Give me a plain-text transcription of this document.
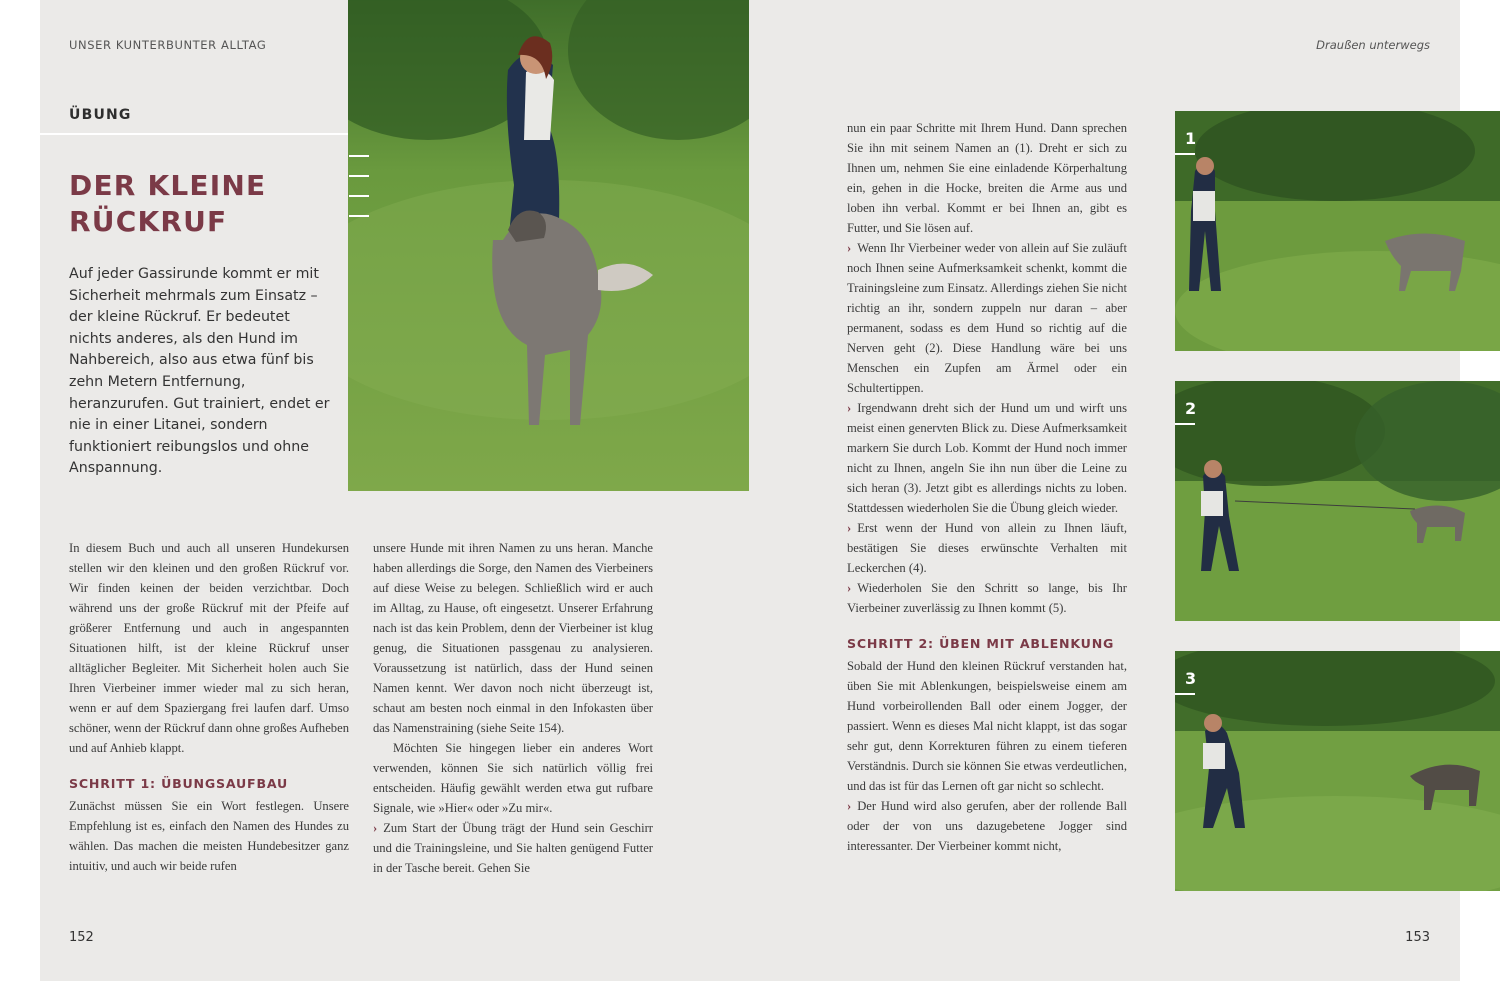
UNSER KUNTERBUNTER ALLTAG	Draußen unterwegs
ÜBUNG
DER KLEINE
RÜCKRUF

Auf jeder Gassirunde kommt er mit Sicherheit mehrmals zum Einsatz – der kleine Rückruf. Er bedeutet nichts anderes, als den Hund im Nahbereich, also aus etwa fünf bis zehn Metern Entfernung, heranzurufen. Gut trainiert, endet er nie in einer Litanei, sondern funktioniert reibungslos und ohne Anspannung.

1
2
3

In diesem Buch und auch all unseren Hundekursen stellen wir den kleinen und den großen Rückruf vor. Wir finden keinen der beiden verzichtbar. Doch während uns der große Rückruf mit der Pfeife auf größerer Entfernung und auch in angespannten Situationen hilft, ist der kleine Rückruf unser alltäglicher Begleiter. Mit Sicherheit holen auch Sie Ihren Vierbeiner immer wieder mal zu sich heran, wenn er auf dem Spaziergang frei laufen darf. Umso schöner, wenn der Rückruf dann ohne großes Aufheben und auf Anhieb klappt.

SCHRITT 1: ÜBUNGSAUFBAU

Zunächst müssen Sie ein Wort festlegen. Unsere Empfehlung ist es, einfach den Namen des Hundes zu wählen. Das machen die meisten Hundebesitzer ganz intuitiv, und auch wir beide rufen

unsere Hunde mit ihren Namen zu uns heran. Manche haben allerdings die Sorge, den Namen des Vierbeiners auf diese Weise zu belegen. Schließlich wird er auch im Alltag, zu Hause, oft eingesetzt. Unserer Erfahrung nach ist das kein Problem, denn der Vierbeiner ist klug genug, die Situationen passgenau zu analysieren. Voraussetzung ist natürlich, dass der Hund seinen Namen kennt. Wer davon noch nicht überzeugt ist, schaut am besten noch einmal in den Infokasten über das Namenstraining (siehe Seite 154).

Möchten Sie hingegen lieber ein anderes Wort verwenden, können Sie sich natürlich völlig frei entscheiden. Häufig gewählt werden etwa gut rufbare Signale, wie »Hier« oder »Zu mir«.

› Zum Start der Übung trägt der Hund sein Geschirr und die Trainingsleine, und Sie halten genügend Futter in der Tasche bereit. Gehen Sie

nun ein paar Schritte mit Ihrem Hund. Dann sprechen Sie ihn mit seinem Namen an (1). Dreht er sich zu Ihnen um, nehmen Sie eine einladende Körperhaltung ein, gehen in die Hocke, breiten die Arme aus und loben ihn verbal. Kommt er bei Ihnen an, gibt es Futter, und Sie lösen auf.

› Wenn Ihr Vierbeiner weder von allein auf Sie zuläuft noch Ihnen seine Aufmerksamkeit schenkt, kommt die Trainingsleine zum Einsatz. Allerdings ziehen Sie nicht richtig an ihr, sondern zuppeln nur daran – aber permanent, sodass es dem Hund so richtig auf die Nerven geht (2). Diese Handlung wäre bei uns Menschen ein Zupfen am Ärmel oder ein Schultertippen.

› Irgendwann dreht sich der Hund um und wirft uns meist einen genervten Blick zu. Diese Aufmerksamkeit markern Sie durch Lob. Kommt der Hund noch immer nicht zu Ihnen, angeln Sie ihn nun über die Leine zu sich heran (3). Jetzt gibt es allerdings nichts zu loben. Stattdessen wiederholen Sie die Übung gleich wieder.

› Erst wenn der Hund von allein zu Ihnen läuft, bestätigen Sie dieses erwünschte Verhalten mit Leckerchen (4).

› Wiederholen Sie den Schritt so lange, bis Ihr Vierbeiner zuverlässig zu Ihnen kommt (5).

SCHRITT 2: ÜBEN MIT ABLENKUNG

Sobald der Hund den kleinen Rückruf verstanden hat, üben Sie mit Ablenkungen, beispielsweise einem am Hund vorbeirollenden Ball oder einem Jogger, der passiert. Wenn es dieses Mal nicht klappt, ist das sogar sehr gut, denn Korrekturen führen zu einem tieferen Verständnis. Durch sie können Sie etwas verdeutlichen, und das ist für das Lernen oft gar nicht so schlecht.

› Der Hund wird also gerufen, aber der rollende Ball oder der von uns dazugebetene Jogger sind interessanter. Der Vierbeiner kommt nicht,

152	153
